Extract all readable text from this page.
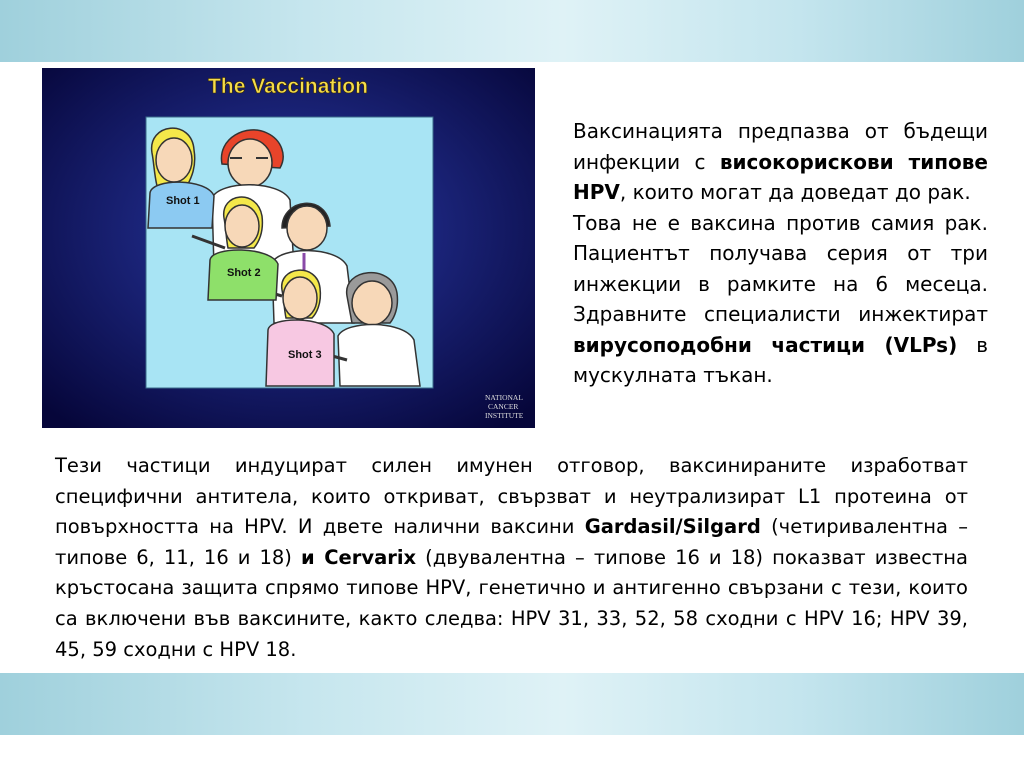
The Vaccination
Shot 1
Shot 2
Shot 3
NATIONAL
CANCER
INSTITUTE

Ваксинацията предпазва от бъдещи инфекции с високорискови типове HPV, които могат да доведат до рак.

Това не е ваксина против самия рак. Пациентът получава серия от три инжекции в рамките на 6 месеца. Здравните специалисти инжектират вирусоподобни частици (VLPs) в мускулната тъкан.

Тези частици индуцират силен имунен отговор, ваксинираните изработват специфични антитела, които откриват, свързват и неутрализират L1 протеина от повърхността на HPV. И двете налични ваксини Gardasil/Silgard (четиривалентна – типове 6, 11, 16 и 18) и Cervarix (двувалентна – типове 16 и 18) показват известна кръстосана защита спрямо типове HPV, генетично и антигенно свързани с тези, които са включени във ваксините, както следва: HPV 31, 33, 52, 58 сходни с HPV 16; HPV 39, 45, 59 сходни с HPV 18.
